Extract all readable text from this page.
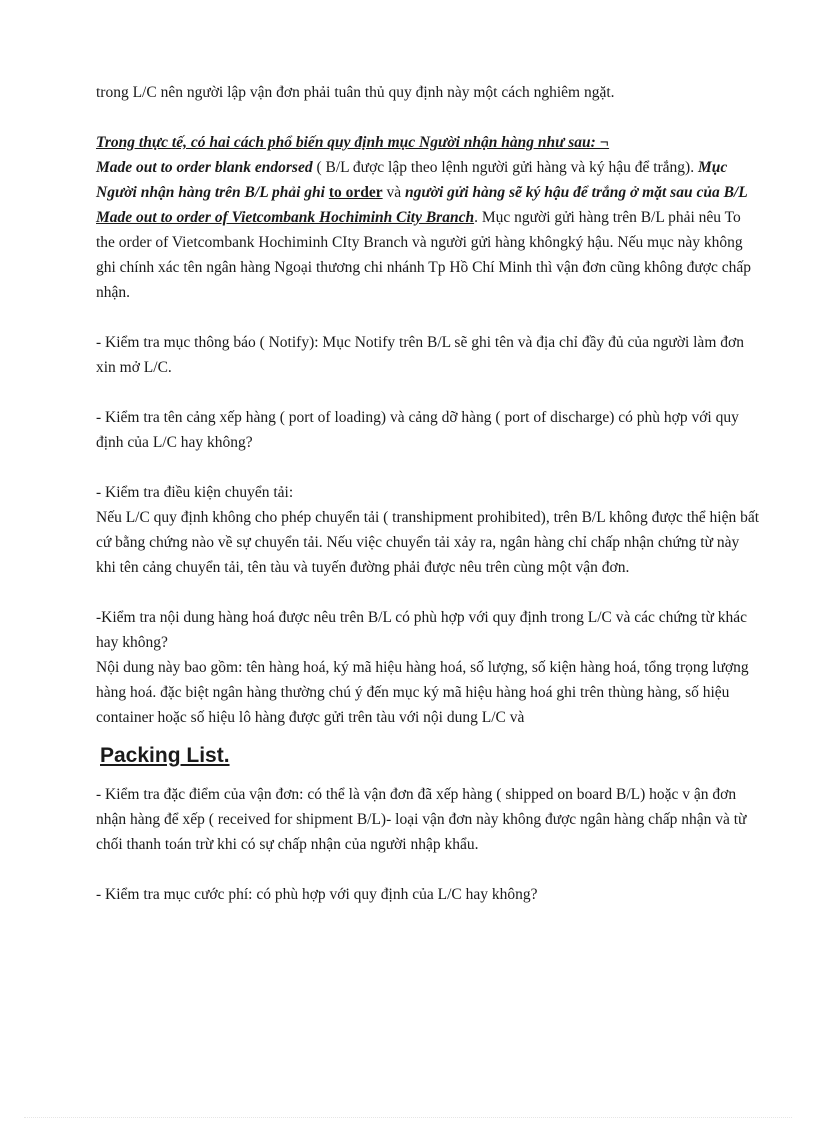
trong L/C nên người lập vận đơn phải tuân thủ quy định này một cách nghiêm ngặt.

Trong thực tế, có hai cách phổ biến quy định mục Người nhận hàng như sau: ¬
Made out to order blank endorsed ( B/L được lập theo lệnh người gửi hàng và ký hậu để trắng). Mục Người nhận hàng trên B/L phải ghi to order và người gửi hàng sẽ ký hậu để trắng ở mặt sau của B/L Made out to order of Vietcombank Hochiminh City Branch. Mục người gửi hàng trên B/L phải nêu To the order of Vietcombank Hochiminh CIty Branch và người gửi hàng khôngký hậu. Nếu mục này không ghi chính xác tên ngân hàng Ngoại thương chi nhánh Tp Hồ Chí Minh thì vận đơn cũng không được chấp nhận.

- Kiểm tra mục thông báo ( Notify): Mục Notify trên B/L sẽ ghi tên và địa chỉ đầy đủ của người làm đơn xin mở L/C.

- Kiểm tra tên cảng xếp hàng ( port of loading) và cảng dỡ hàng ( port of discharge) có phù hợp với quy định của L/C hay không?

- Kiểm tra điều kiện chuyển tải:

Nếu L/C quy định không cho phép chuyển tải ( transhipment prohibited), trên B/L không được thể hiện bất cứ bằng chứng nào về sự chuyển tải. Nếu việc chuyển tải xảy ra, ngân hàng chỉ chấp nhận chứng từ này khi tên cảng chuyển tải, tên tàu và tuyến đường phải được nêu trên cùng một vận đơn.

-Kiểm tra nội dung hàng hoá được nêu trên B/L có phù hợp với quy định trong L/C và các chứng từ khác hay không?

Nội dung này bao gồm: tên hàng hoá, ký mã hiệu hàng hoá, số lượng, số kiện hàng hoá, tổng trọng lượng hàng hoá. đặc biệt ngân hàng thường chú ý đến mục ký mã hiệu hàng hoá ghi trên thùng hàng, số hiệu container hoặc số hiệu lô hàng được gửi trên tàu với nội dung L/C và

Packing List.

- Kiểm tra đặc điểm của vận đơn: có thể là vận đơn đã xếp hàng ( shipped on board B/L) hoặc v ận đơn nhận hàng để xếp ( received for shipment B/L)- loại vận đơn này không được ngân hàng chấp nhận và từ chối thanh toán trừ khi có sự chấp nhận của người nhập khẩu.

- Kiểm tra mục cước phí: có phù hợp với quy định của L/C hay không?
